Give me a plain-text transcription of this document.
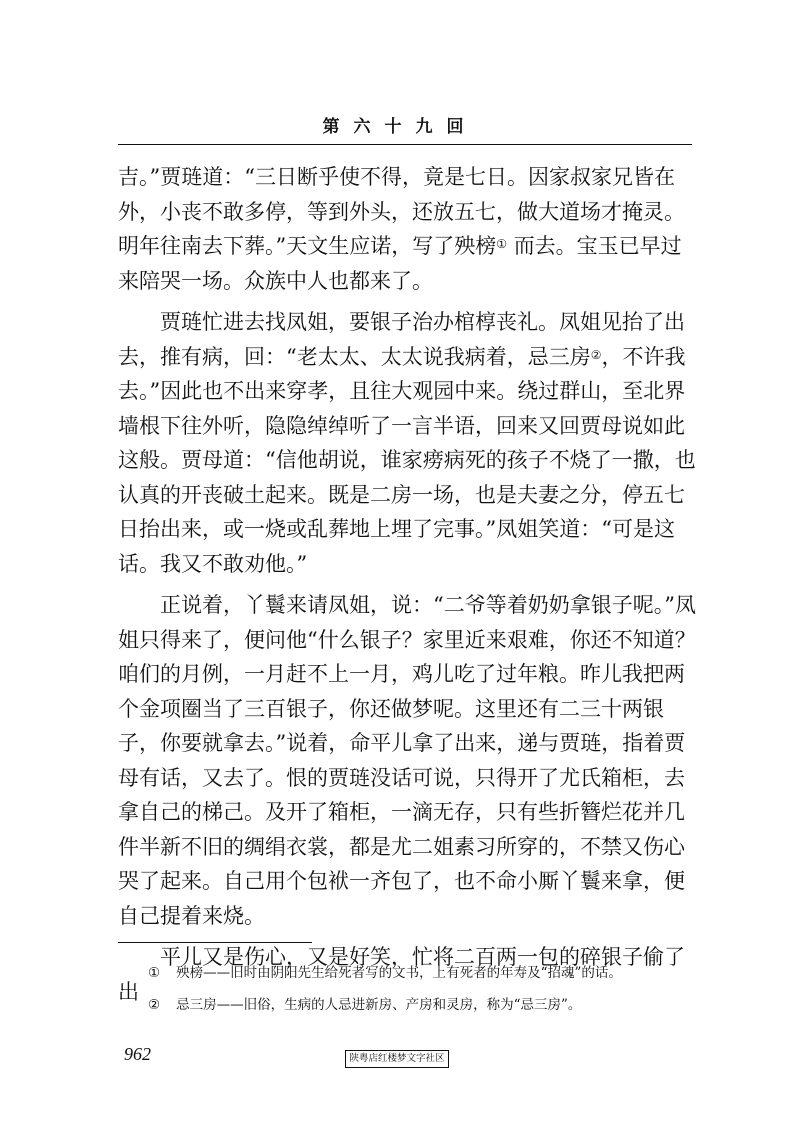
第六十九回

吉。”贾琏道：“三日断乎使不得，竟是七日。因家叔家兄皆在外，小丧不敢多停，等到外头，还放五七，做大道场才掩灵。明年往南去下葬。”天文生应诺，写了殃榜① 而去。宝玉已早过来陪哭一场。众族中人也都来了。

贾琏忙进去找凤姐，要银子治办棺椁丧礼。凤姐见抬了出去，推有病，回：“老太太、太太说我病着，忌三房②，不许我去。”因此也不出来穿孝，且往大观园中来。绕过群山，至北界墙根下往外听，隐隐绰绰听了一言半语，回来又回贾母说如此这般。贾母道：“信他胡说，谁家痨病死的孩子不烧了一撒，也认真的开丧破土起来。既是二房一场，也是夫妻之分，停五七日抬出来，或一烧或乱葬地上埋了完事。”凤姐笑道：“可是这话。我又不敢劝他。”

正说着，丫鬟来请凤姐，说：“二爷等着奶奶拿银子呢。”凤姐只得来了，便问他“什么银子？家里近来艰难，你还不知道？咱们的月例，一月赶不上一月，鸡儿吃了过年粮。昨儿我把两个金项圈当了三百银子，你还做梦呢。这里还有二三十两银子，你要就拿去。”说着，命平儿拿了出来，递与贾琏，指着贾母有话，又去了。恨的贾琏没话可说，只得开了尤氏箱柜，去拿自己的梯己。及开了箱柜，一滴无存，只有些折簪烂花并几件半新不旧的绸绢衣裳，都是尤二姐素习所穿的，不禁又伤心哭了起来。自己用个包袱一齐包了，也不命小厮丫鬟来拿，便自己提着来烧。

平儿又是伤心，又是好笑，忙将二百两一包的碎银子偷了出

① 殃榜——旧时由阴阳先生给死者写的文书，上有死者的年寿及“招魂”的话。
② 忌三房——旧俗，生病的人忌进新房、产房和灵房，称为“忌三房”。
962	陕粤店红楼梦文字社区
